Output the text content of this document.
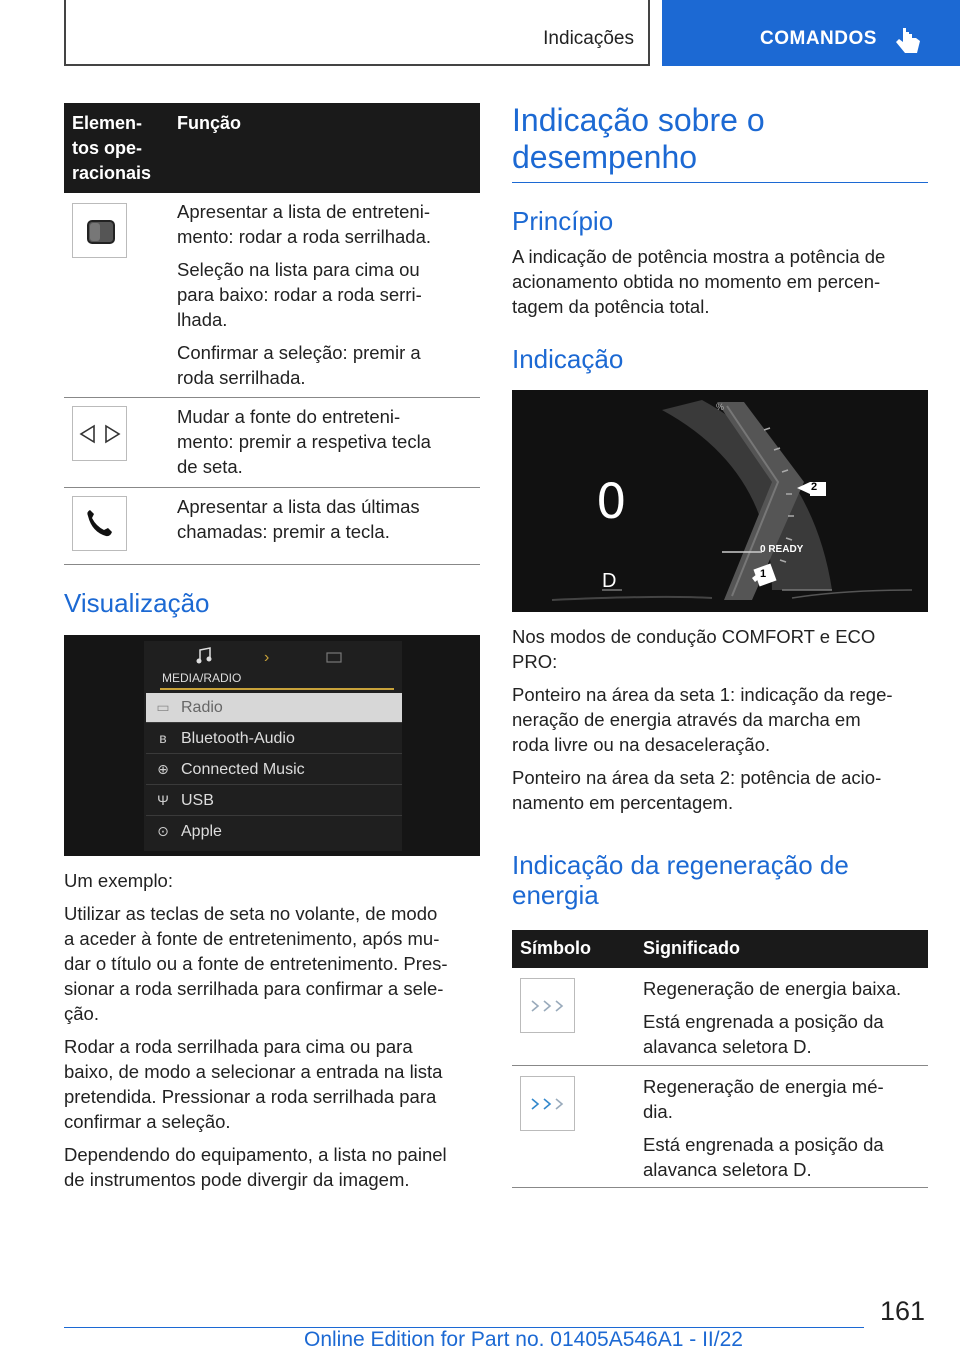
Indicações	COMANDOS
Elemen-
tos ope-
racionais
Função
Apresentar a lista de entreteni-
mento: rodar a roda serrilhada.
Seleção na lista para cima ou
para baixo: rodar a roda serri-
lhada.
Confirmar a seleção: premir a
roda serrilhada.
Mudar a fonte do entreteni-
mento: premir a respetiva tecla
de seta.
Apresentar a lista das últimas
chamadas: premir a tecla.
Visualização
›
MEDIA/RADIO
▭ Radio
ʙ Bluetooth-Audio
⊕ Connected Music
Ψ USB
⊙ Apple
Um exemplo:
Utilizar as teclas de seta no volante, de modo
a aceder à fonte de entretenimento, após mu-
dar o título ou a fonte de entretenimento. Pres-
sionar a roda serrilhada para confirmar a sele-
ção.
Rodar a roda serrilhada para cima ou para
baixo, de modo a selecionar a entrada na lista
pretendida. Pressionar a roda serrilhada para
confirmar a seleção.
Dependendo do equipamento, a lista no painel
de instrumentos pode divergir da imagem.
Indicação sobre o
desempenho
Princípio
A indicação de potência mostra a potência de
acionamento obtida no momento em percen-
tagem da potência total.
Indicação
0
D
0 READY
%
2
1
Nos modos de condução COMFORT e ECO
PRO:
Ponteiro na área da seta 1: indicação da rege-
neração de energia através da marcha em
roda livre ou na desaceleração.
Ponteiro na área da seta 2: potência de acio-
namento em percentagem.
Indicação da regeneração de
energia
Símbolo	Significado
Regeneração de energia baixa.
Está engrenada a posição da
alavanca seletora D.
Regeneração de energia mé-
dia.
Está engrenada a posição da
alavanca seletora D.
161
Online Edition for Part no. 01405A546A1 - II/22
